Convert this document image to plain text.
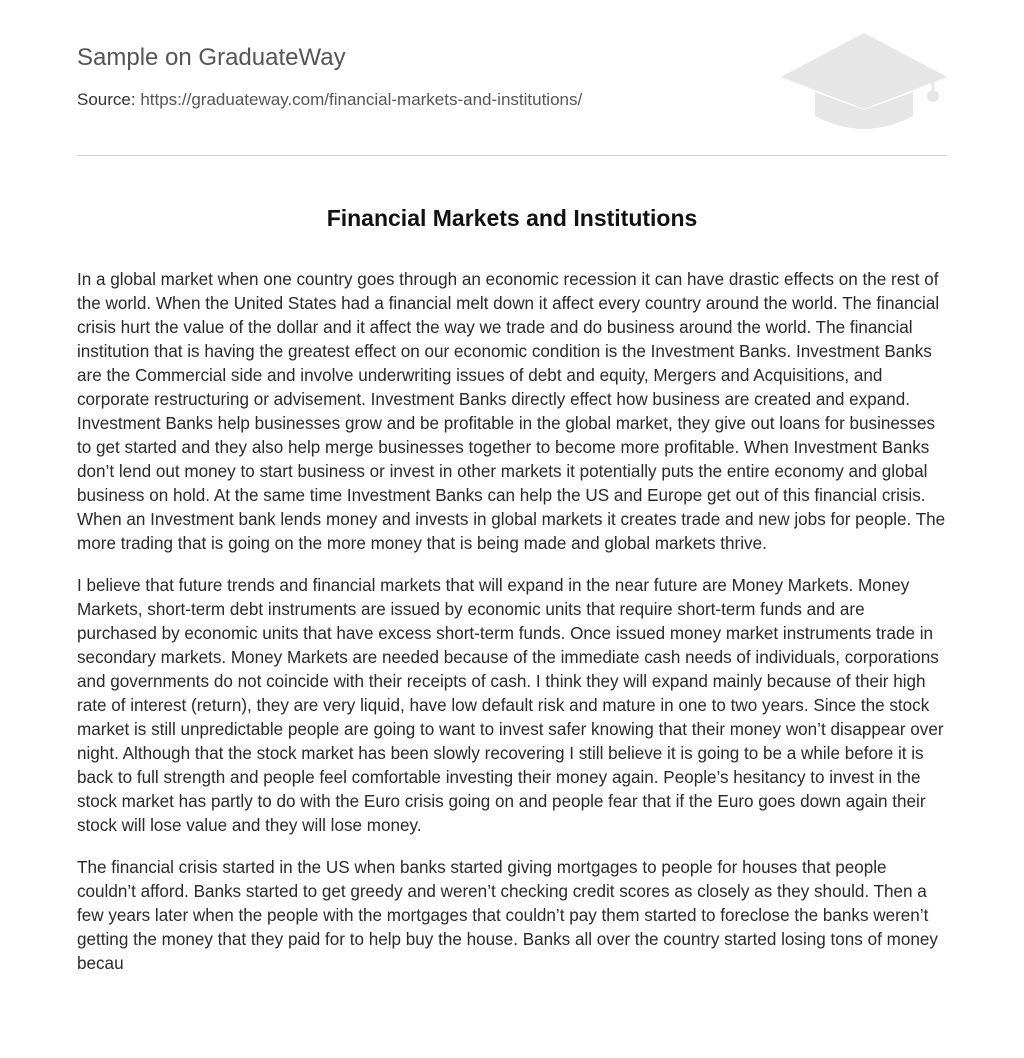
Sample on GraduateWay
Source: https://graduateway.com/financial-markets-and-institutions/
Financial Markets and Institutions

In a global market when one country goes through an economic recession it can have drastic effects on the rest of the world. When the United States had a financial melt down it affect every country around the world. The financial crisis hurt the value of the dollar and it affect the way we trade and do business around the world. The financial institution that is having the greatest effect on our economic condition is the Investment Banks. Investment Banks are the Commercial side and involve underwriting issues of debt and equity, Mergers and Acquisitions, and corporate restructuring or advisement. Investment Banks directly effect how business are created and expand. Investment Banks help businesses grow and be profitable in the global market, they give out loans for businesses to get started and they also help merge businesses together to become more profitable. When Investment Banks don’t lend out money to start business or invest in other markets it potentially puts the entire economy and global business on hold. At the same time Investment Banks can help the US and Europe get out of this financial crisis. When an Investment bank lends money and invests in global markets it creates trade and new jobs for people. The more trading that is going on the more money that is being made and global markets thrive.

I believe that future trends and financial markets that will expand in the near future are Money Markets. Money Markets, short-term debt instruments are issued by economic units that require short-term funds and are purchased by economic units that have excess short-term funds. Once issued money market instruments trade in secondary markets. Money Markets are needed because of the immediate cash needs of individuals, corporations and governments do not coincide with their receipts of cash. I think they will expand mainly because of their high rate of interest (return), they are very liquid, have low default risk and mature in one to two years. Since the stock market is still unpredictable people are going to want to invest safer knowing that their money won’t disappear over night. Although that the stock market has been slowly recovering I still believe it is going to be a while before it is back to full strength and people feel comfortable investing their money again. People’s hesitancy to invest in the stock market has partly to do with the Euro crisis going on and people fear that if the Euro goes down again their stock will lose value and they will lose money.

The financial crisis started in the US when banks started giving mortgages to people for houses that people couldn’t afford. Banks started to get greedy and weren’t checking credit scores as closely as they should. Then a few years later when the people with the mortgages that couldn’t pay them started to foreclose the banks weren’t getting the money that they paid for to help buy the house. Banks all over the country started losing tons of money becau
